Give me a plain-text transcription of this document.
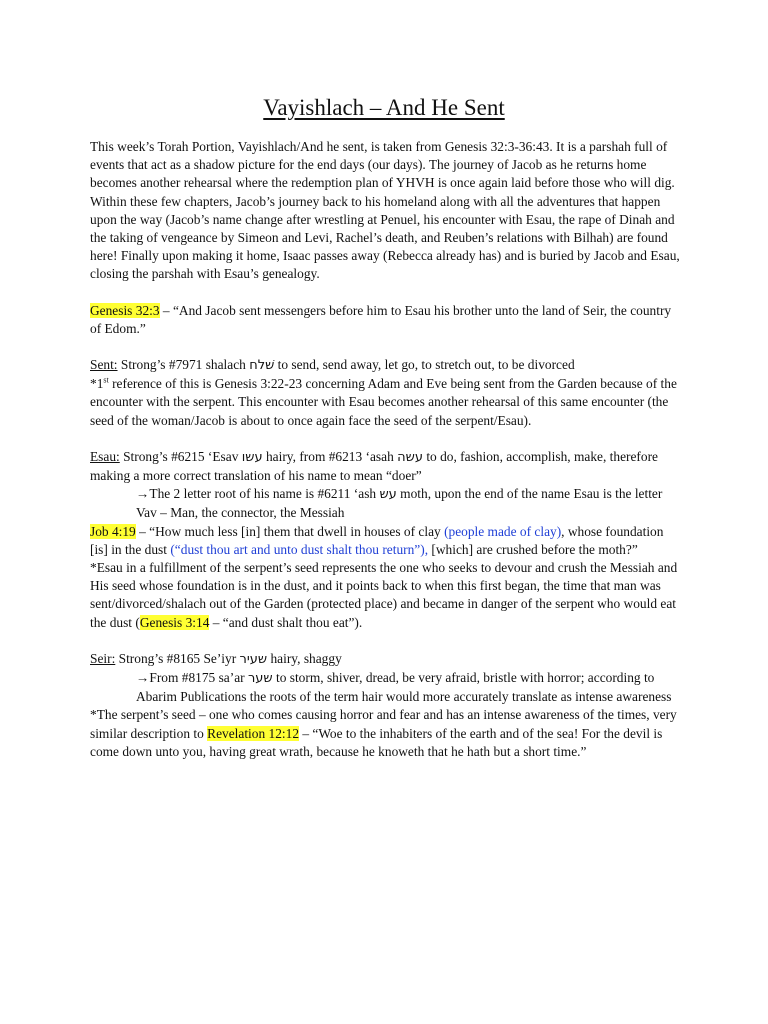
Vayishlach – And He Sent

This week’s Torah Portion, Vayishlach/And he sent, is taken from Genesis 32:3-36:43. It is a parshah full of events that act as a shadow picture for the end days (our days). The journey of Jacob as he returns home becomes another rehearsal where the redemption plan of YHVH is once again laid before those who will dig. Within these few chapters, Jacob’s journey back to his homeland along with all the adventures that happen upon the way (Jacob’s name change after wrestling at Penuel, his encounter with Esau, the rape of Dinah and the taking of vengeance by Simeon and Levi, Rachel’s death, and Reuben’s relations with Bilhah) are found here! Finally upon making it home, Isaac passes away (Rebecca already has) and is buried by Jacob and Esau, closing the parshah with Esau’s genealogy.

Genesis 32:3 – “And Jacob sent messengers before him to Esau his brother unto the land of Seir, the country of Edom.”

Sent: Strong’s #7971 shalach שׁלח to send, send away, let go, to stretch out, to be divorced

*1st reference of this is Genesis 3:22-23 concerning Adam and Eve being sent from the Garden because of the encounter with the serpent. This encounter with Esau becomes another rehearsal of this same encounter (the seed of the woman/Jacob is about to once again face the seed of the serpent/Esau).

Esau: Strong’s #6215 ‘Esav עשו hairy, from #6213 ‘asah עשה to do, fashion, accomplish, make, therefore making a more correct translation of his name to mean “doer”

→The 2 letter root of his name is #6211 ‘ash עש moth, upon the end of the name Esau is the letter Vav – Man, the connector, the Messiah

Job 4:19 – “How much less [in] them that dwell in houses of clay (people made of clay), whose foundation [is] in the dust (“dust thou art and unto dust shalt thou return”), [which] are crushed before the moth?”

*Esau in a fulfillment of the serpent’s seed represents the one who seeks to devour and crush the Messiah and His seed whose foundation is in the dust, and it points back to when this first began, the time that man was sent/divorced/shalach out of the Garden (protected place) and became in danger of the serpent who would eat the dust (Genesis 3:14 – “and dust shalt thou eat”).

Seir: Strong’s #8165 Se’iyr שעיר hairy, shaggy

→From #8175 sa’ar שער to storm, shiver, dread, be very afraid, bristle with horror; according to Abarim Publications the roots of the term hair would more accurately translate as intense awareness

*The serpent’s seed – one who comes causing horror and fear and has an intense awareness of the times, very similar description to Revelation 12:12 – “Woe to the inhabiters of the earth and of the sea! For the devil is come down unto you, having great wrath, because he knoweth that he hath but a short time.”
